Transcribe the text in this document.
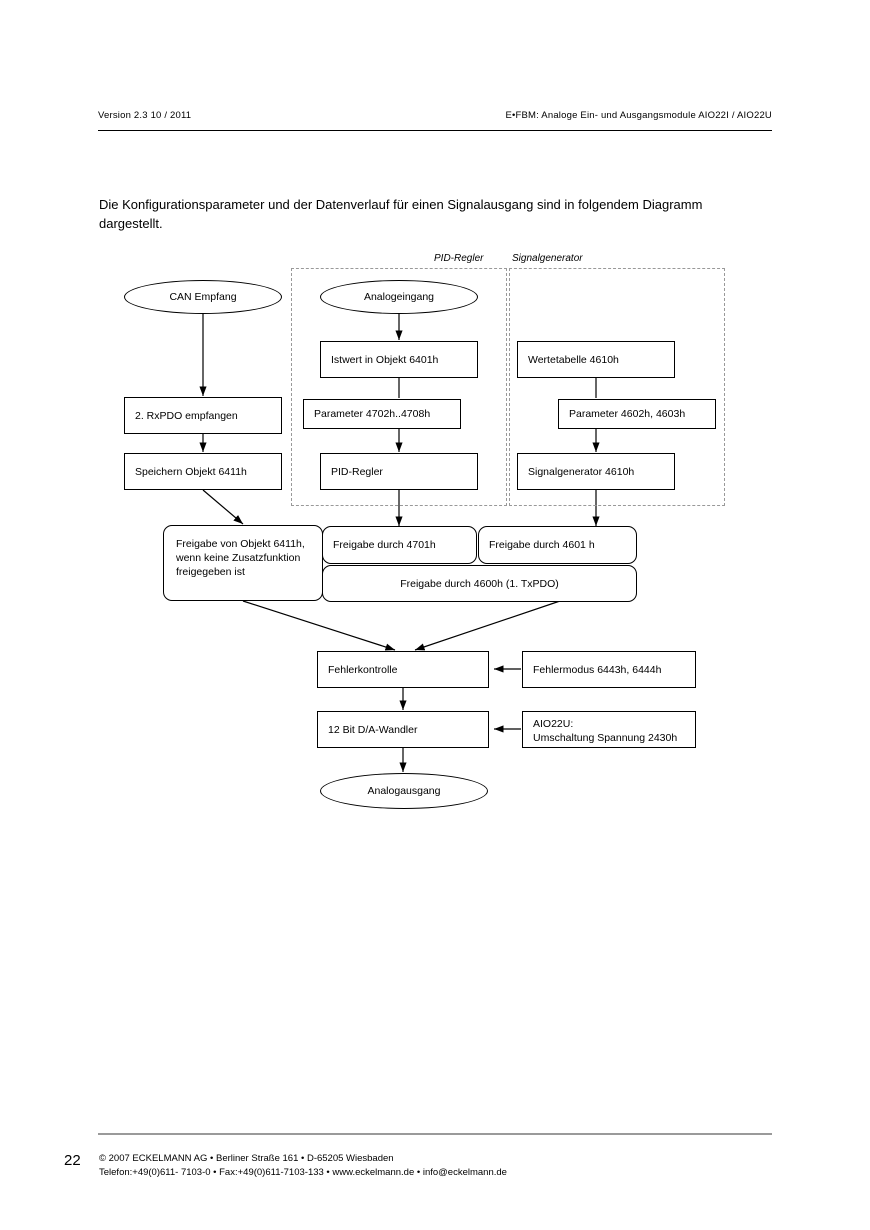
Version 2.3 10 / 2011	E•FBM: Analoge Ein- und Ausgangsmodule AIO22I / AIO22U
Die Konfigurationsparameter und der Datenverlauf für einen Signalausgang sind in folgendem Diagramm dargestellt.
PID-Regler	Signalgenerator
CAN Empfang	Analogeingang
Analogausgang
2. RxPDO empfangen
Speichern Objekt 6411h
Istwert in Objekt 6401h
Parameter 4702h..4708h
PID-Regler
Wertetabelle 4610h
Parameter 4602h, 4603h
Signalgenerator 4610h
Freigabe von Objekt 6411h,
wenn keine Zusatzfunktion
freigegeben ist
Freigabe durch 4701h	Freigabe durch 4601 h
Freigabe durch 4600h (1. TxPDO)
Fehlerkontrolle	Fehlermodus 6443h, 6444h
12 Bit D/A-Wandler	AIO22U:
Umschaltung Spannung 2430h
22 © 2007 ECKELMANN AG • Berliner Straße 161 • D-65205 Wiesbaden
Telefon:+49(0)611- 7103-0 • Fax:+49(0)611-7103-133 • www.eckelmann.de • info@eckelmann.de
